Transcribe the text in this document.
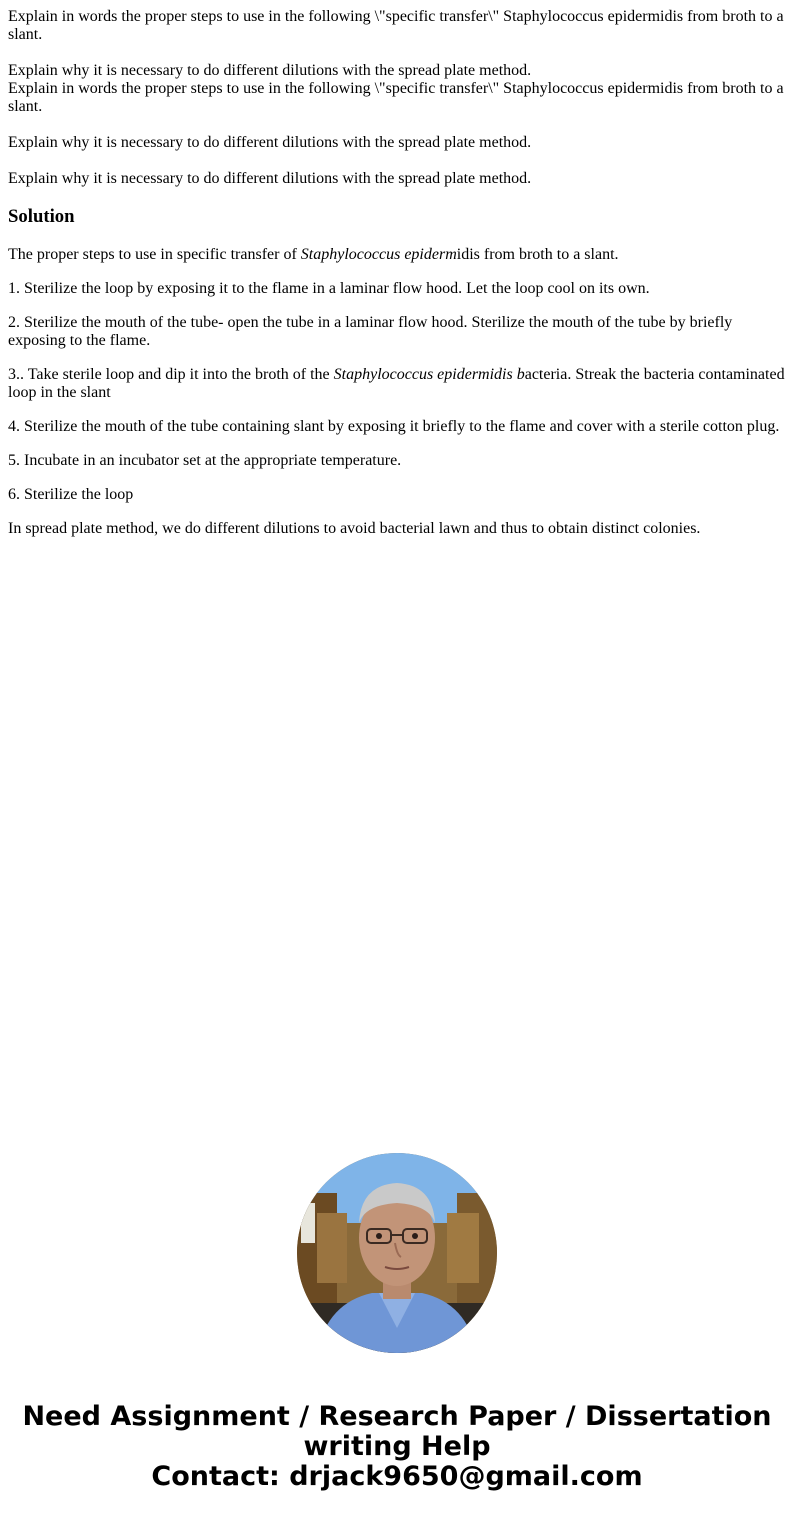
Explain in words the proper steps to use in the following \"specific transfer\" Staphylococcus epidermidis from broth to a slant.

Explain why it is necessary to do different dilutions with the spread plate method.

Explain in words the proper steps to use in the following \"specific transfer\" Staphylococcus epidermidis from broth to a slant.

Explain why it is necessary to do different dilutions with the spread plate method.

Explain why it is necessary to do different dilutions with the spread plate method.

Solution

The proper steps to use in specific transfer of Staphylococcus epidermidis from broth to a slant.

1. Sterilize the loop by exposing it to the flame in a laminar flow hood. Let the loop cool on its own.

2. Sterilize the mouth of the tube- open the tube in a laminar flow hood. Sterilize the mouth of the tube by briefly exposing to the flame.

3.. Take sterile loop and dip it into the broth of the Staphylococcus epidermidis bacteria. Streak the bacteria contaminated loop in the slant

4. Sterilize the mouth of the tube containing slant by exposing it briefly to the flame and cover with a sterile cotton plug.

5. Incubate in an incubator set at the appropriate temperature.

6. Sterilize the loop

In spread plate method, we do different dilutions to avoid bacterial lawn and thus to obtain distinct colonies.

Need Assignment / Research Paper / Dissertation
writing Help
Contact: drjack9650@gmail.com
